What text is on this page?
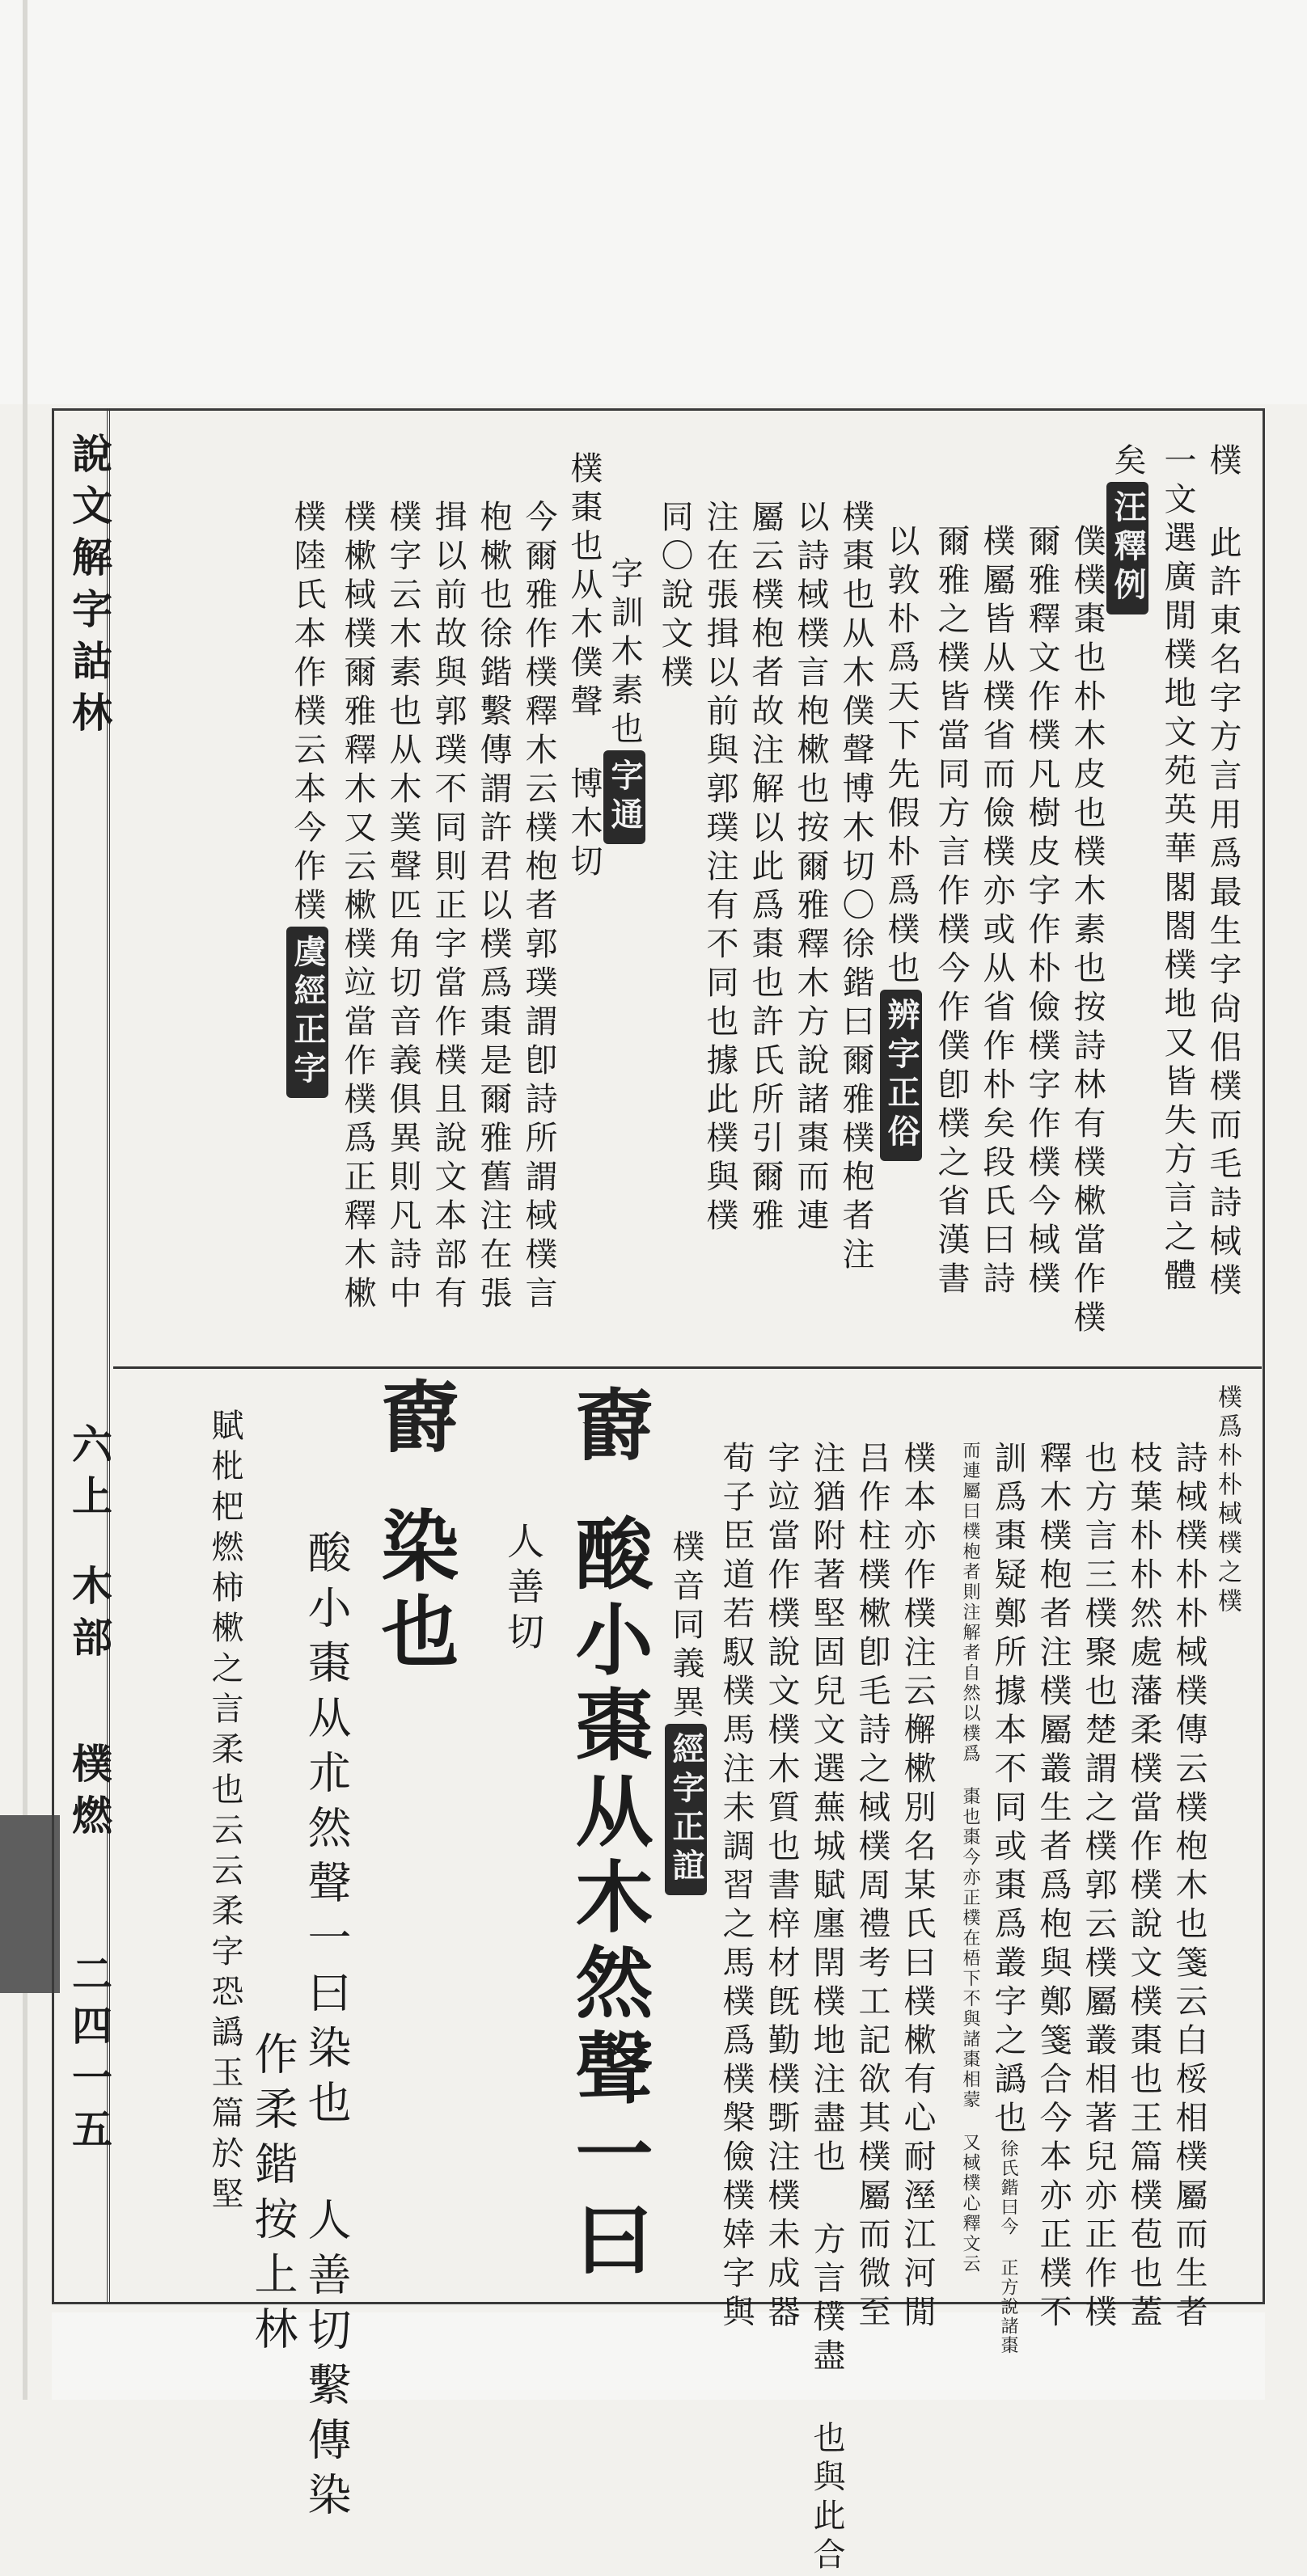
說文解字詁林
六上
木部
樸燃
二四一五
樸 此許東名字方言用爲最生字尙佀樸而毛詩棫樸
一文選廣閒樸地文苑英華閣閤樸地又皆失方言之體
矣汪釋例
僕樸棗也朴木皮也樸木素也按詩林有樸樕當作樸
爾雅釋文作樸凡樹皮字作朴儉樸字作樸今棫樸
樸屬皆从樸省而儉樸亦或从省作朴矣段氏曰詩
爾雅之樸皆當同方言作樸今作僕卽樸之省漢書
以敦朴爲天下先假朴爲樸也辨字正俗
樸棗也从木僕聲博木切〇徐鍇曰爾雅樸枹者注
以詩棫樸言枹樕也按爾雅釋木方說諸棗而連
屬云樸枹者故注解以此爲棗也許氏所引爾雅
注在張揖以前與郭璞注有不同也據此樸與樸
同〇說文樸
字訓木素也字通
樸棗也从木僕聲 博木切
今爾雅作樸釋木云樸枹者郭璞謂卽詩所謂棫樸言
枹樕也徐鍇繫傳謂許君以樸爲棗是爾雅舊注在張
揖以前故與郭璞不同則正字當作樸且說文本部有
樸字云木素也从木菐聲匹角切音義俱異則凡詩中
樸樕棫樸爾雅釋木又云樕樸竝當作樸爲正釋木樕
樸陸氏本作樸云本今作樸虞經正字
樸爲朴朴棫樸之樸
詩棫樸朴朴棫樸傳云樸枹木也箋云白桵相樸屬而生者
枝葉朴朴然處藩柔樸當作樸說文樸棗也王篇樸苞也蓋
也方言三樸聚也楚謂之樸郭云樸屬叢相著兒亦正作樸
釋木樸枹者注樸屬叢生者爲枹與鄭箋合今本亦正樸不
訓爲棗疑鄭所據本不同或棗爲叢字之譌也徐氏鍇曰今 正方說諸棗
而連屬曰樸枹者則注解者自然以樸爲 棗也棗今亦正樸在梧下不與諸棗相蒙 又棫樸心釋文云
樸本亦作樸注云檞樕別名某氏曰樸樕有心耐溼江河閒
吕作柱樸樕卽毛詩之棫樸周禮考工記欲其樸屬而微至
注猶附著堅固兒文選蕪城賦廛閈樸地注盡也 方言樸盡 也與此合
字竝當作樸說文樸木質也書梓材旣勤樸斲注樸未成器
荀子臣道若馭樸馬注未調習之馬樸爲樸槃儉樸婞字與
樸音同義異經字正誼
𣝣
酸小棗从木然聲一曰
人善切
𣝣
染也
酸小棗从朮然聲一曰染也 人善切繫傳染
作柔鍇按上林
賦枇杷燃柿樕之言柔也云云柔字恐譌玉篇於堅
